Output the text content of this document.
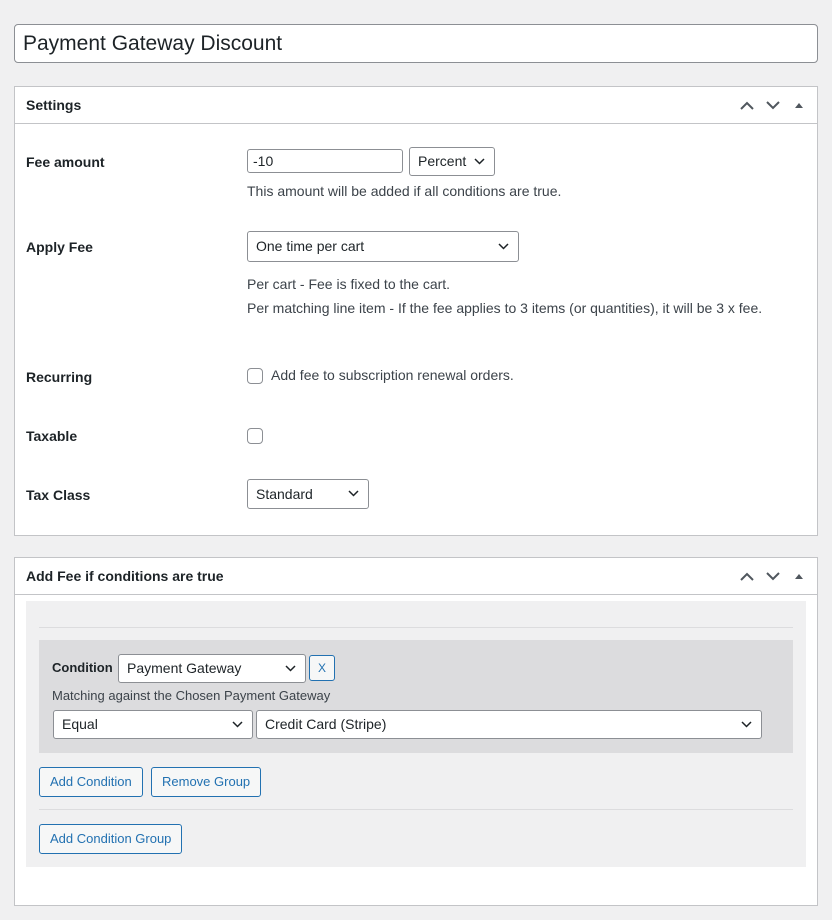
Payment Gateway Discount
Settings
Fee amount	-10	Percent
This amount will be added if all conditions are true.
Apply Fee	One time per cart
Per cart - Fee is fixed to the cart.
Per matching line item - If the fee applies to 3 items (or quantities), it will be 3 x fee.
Recurring	Add fee to subscription renewal orders.
Taxable
Tax Class	Standard
Add Fee if conditions are true
Condition	Payment Gateway	X
Matching against the Chosen Payment Gateway
Equal	Credit Card (Stripe)
Add Condition	Remove Group
Add Condition Group
